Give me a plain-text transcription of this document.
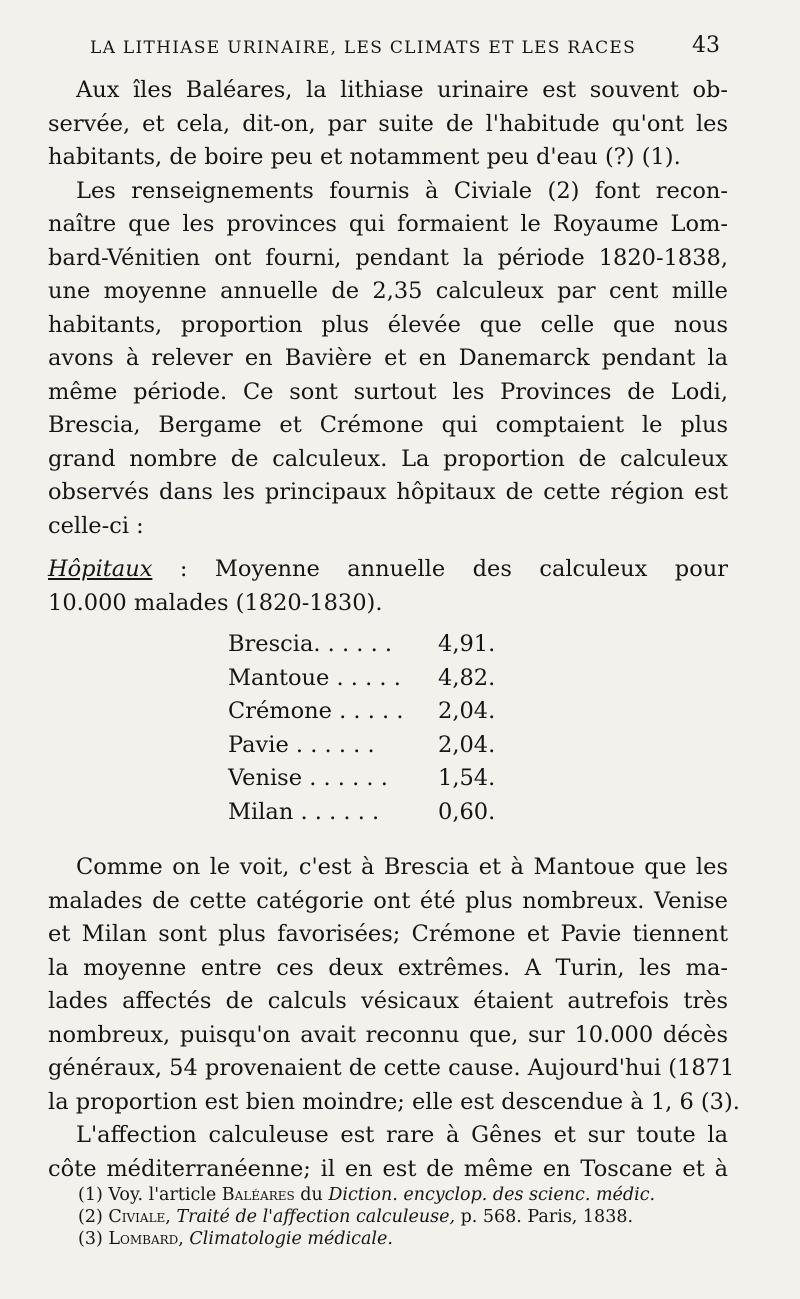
LA LITHIASE URINAIRE, LES CLIMATS ET LES RACES	43
Aux îles Baléares, la lithiase urinaire est souvent ob-
servée, et cela, dit-on, par suite de l'habitude qu'ont les
habitants, de boire peu et notamment peu d'eau (?) (1).
Les renseignements fournis à Civiale (2) font recon-
naître que les provinces qui formaient le Royaume Lom-
bard-Vénitien ont fourni, pendant la période 1820-1838,
une moyenne annuelle de 2,35 calculeux par cent mille
habitants, proportion plus élevée que celle que nous
avons à relever en Bavière et en Danemarck pendant la
même période. Ce sont surtout les Provinces de Lodi,
Brescia, Bergame et Crémone qui comptaient le plus
grand nombre de calculeux. La proportion de calculeux
observés dans les principaux hôpitaux de cette région est
celle-ci :
Hôpitaux : Moyenne annuelle des calculeux pour
10.000 malades (1820-1830).
Brescia. . . . . .	4,91.
Mantoue . . . . .	4,82.
Crémone . . . . .	2,04.
Pavie . . . . . .	2,04.
Venise . . . . . .	1,54.
Milan . . . . . .	0,60.
Comme on le voit, c'est à Brescia et à Mantoue que les
malades de cette catégorie ont été plus nombreux. Venise
et Milan sont plus favorisées; Crémone et Pavie tiennent
la moyenne entre ces deux extrêmes. A Turin, les ma-
lades affectés de calculs vésicaux étaient autrefois très
nombreux, puisqu'on avait reconnu que, sur 10.000 décès
généraux, 54 provenaient de cette cause. Aujourd'hui (1871
la proportion est bien moindre; elle est descendue à 1, 6 (3).
L'affection calculeuse est rare à Gênes et sur toute la
côte méditerranéenne; il en est de même en Toscane et à
(1) Voy. l'article Baléares du Diction. encyclop. des scienc. médic.
(2) Civiale, Traité de l'affection calculeuse, p. 568. Paris, 1838.
(3) Lombard, Climatologie médicale.
